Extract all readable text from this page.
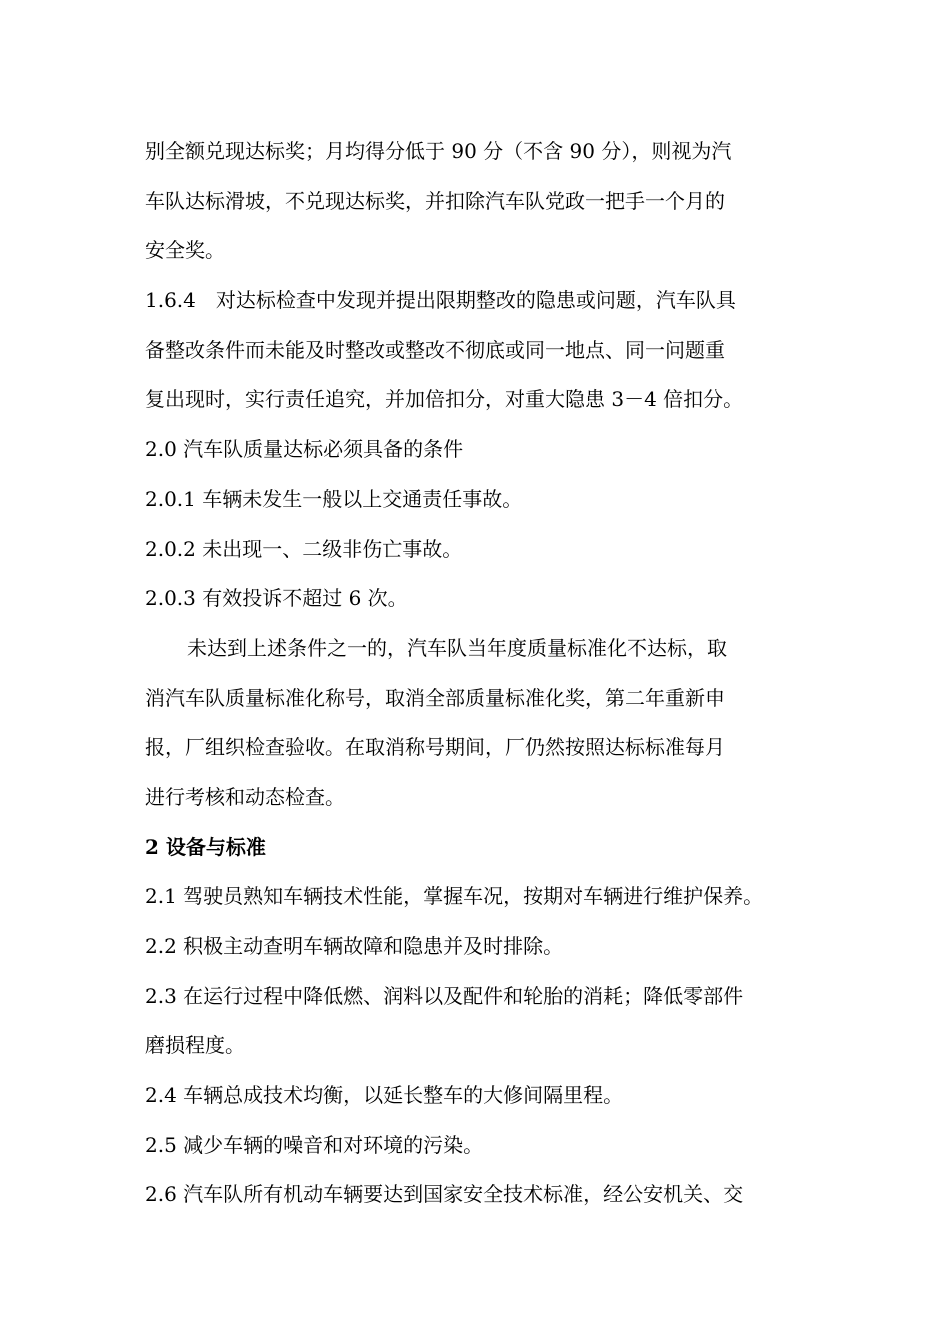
别全额兑现达标奖；月均得分低于 90 分（不含 90 分），则视为汽
车队达标滑坡，不兑现达标奖，并扣除汽车队党政一把手一个月的
安全奖。
1.6.4　对达标检查中发现并提出限期整改的隐患或问题，汽车队具
备整改条件而未能及时整改或整改不彻底或同一地点、同一问题重
复出现时，实行责任追究，并加倍扣分，对重大隐患 3－4 倍扣分。
2.0 汽车队质量达标必须具备的条件
2.0.1 车辆未发生一般以上交通责任事故。
2.0.2 未出现一、二级非伤亡事故。
2.0.3 有效投诉不超过 6 次。
未达到上述条件之一的，汽车队当年度质量标准化不达标，取
消汽车队质量标准化称号，取消全部质量标准化奖，第二年重新申
报，厂组织检查验收。在取消称号期间，厂仍然按照达标标准每月
进行考核和动态检查。
2 设备与标准
2.1 驾驶员熟知车辆技术性能，掌握车况，按期对车辆进行维护保养。
2.2 积极主动查明车辆故障和隐患并及时排除。
2.3 在运行过程中降低燃、润料以及配件和轮胎的消耗；降低零部件
磨损程度。
2.4 车辆总成技术均衡，以延长整车的大修间隔里程。
2.5 减少车辆的噪音和对环境的污染。
2.6 汽车队所有机动车辆要达到国家安全技术标准，经公安机关、交
